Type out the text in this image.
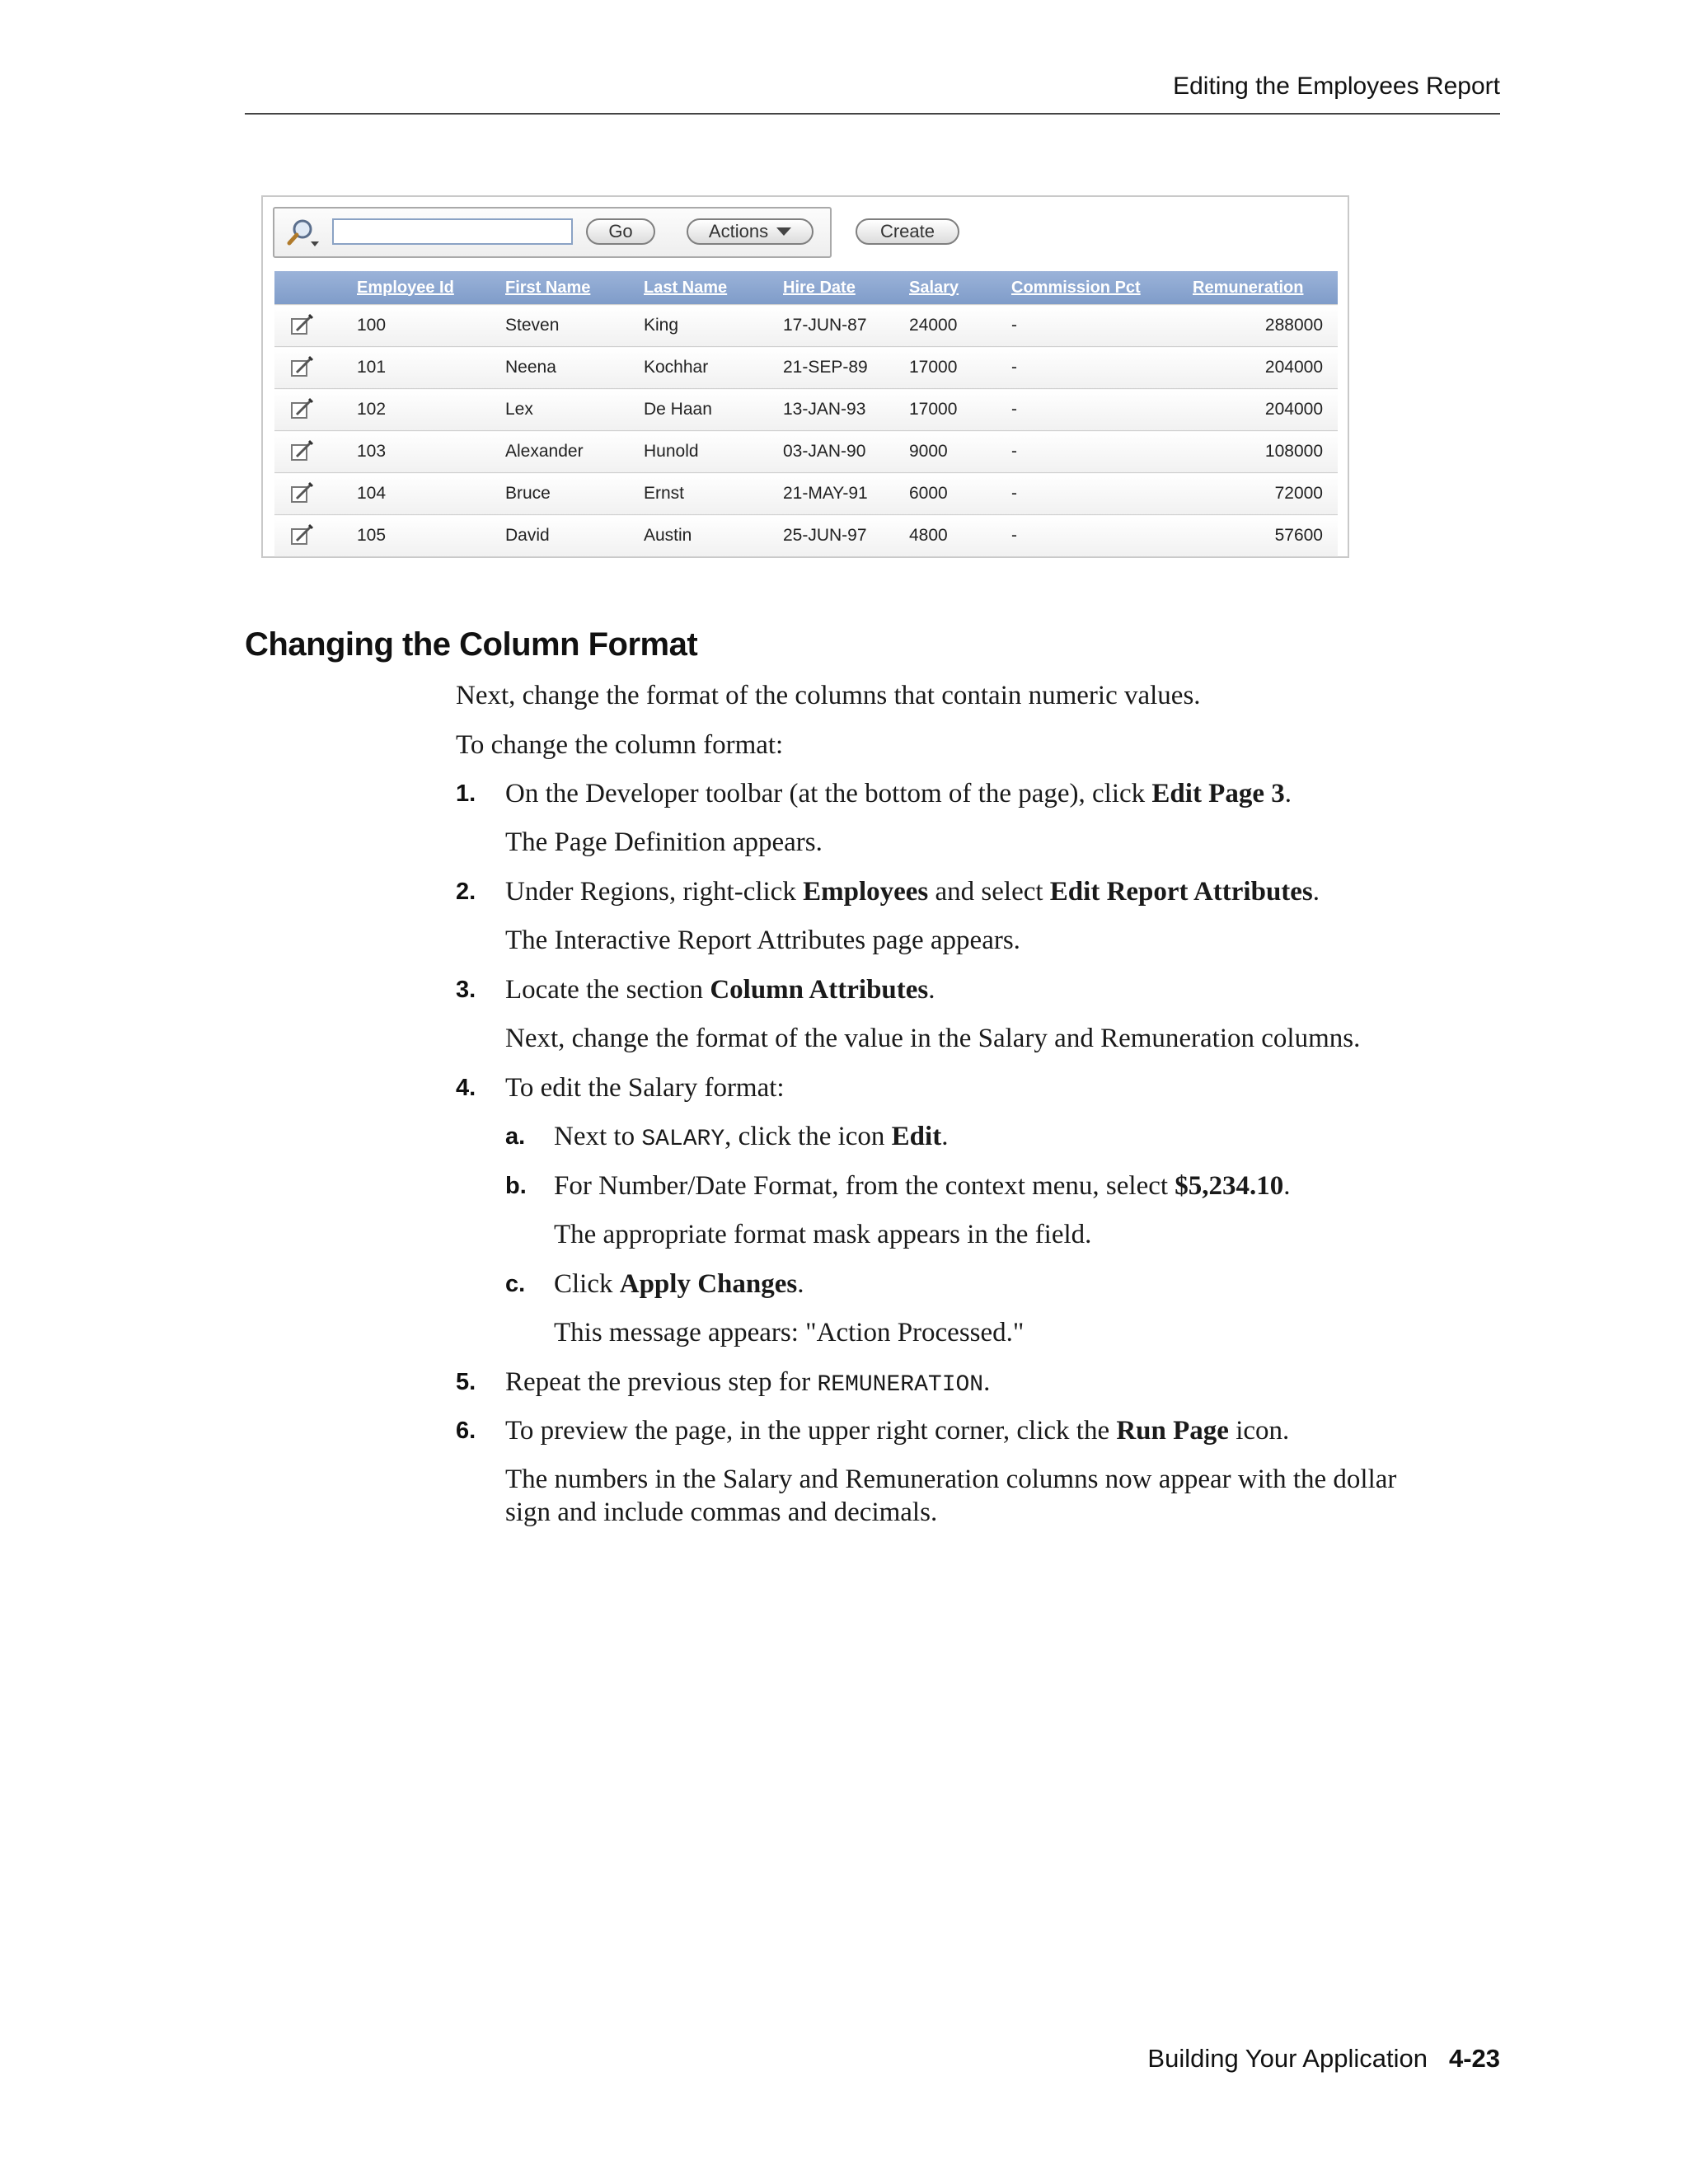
Editing the Employees Report
Go	Actions	Create
	Employee Id	First Name	Last Name	Hire Date	Salary	Commission Pct	Remuneration

	100	Steven	King	17-JUN-87	24000	-	288000

	101	Neena	Kochhar	21-SEP-89	17000	-	204000

	102	Lex	De Haan	13-JAN-93	17000	-	204000

	103	Alexander	Hunold	03-JAN-90	9000	-	108000

	104	Bruce	Ernst	21-MAY-91	6000	-	72000

	105	David	Austin	25-JUN-97	4800	-	57600
Changing the Column Format
Next, change the format of the columns that contain numeric values.
To change the column format:
1. On the Developer toolbar (at the bottom of the page), click Edit Page 3.
The Page Definition appears.
2. Under Regions, right-click Employees and select Edit Report Attributes.
The Interactive Report Attributes page appears.
3. Locate the section Column Attributes.
Next, change the format of the value in the Salary and Remuneration columns.
4. To edit the Salary format:
a. Next to SALARY, click the icon Edit.
b. For Number/Date Format, from the context menu, select $5,234.10.
The appropriate format mask appears in the field.
c. Click Apply Changes.
This message appears: "Action Processed."
5. Repeat the previous step for REMUNERATION.
6. To preview the page, in the upper right corner, click the Run Page icon.
The numbers in the Salary and Remuneration columns now appear with the dollar
sign and include commas and decimals.
Building Your Application 4-23
